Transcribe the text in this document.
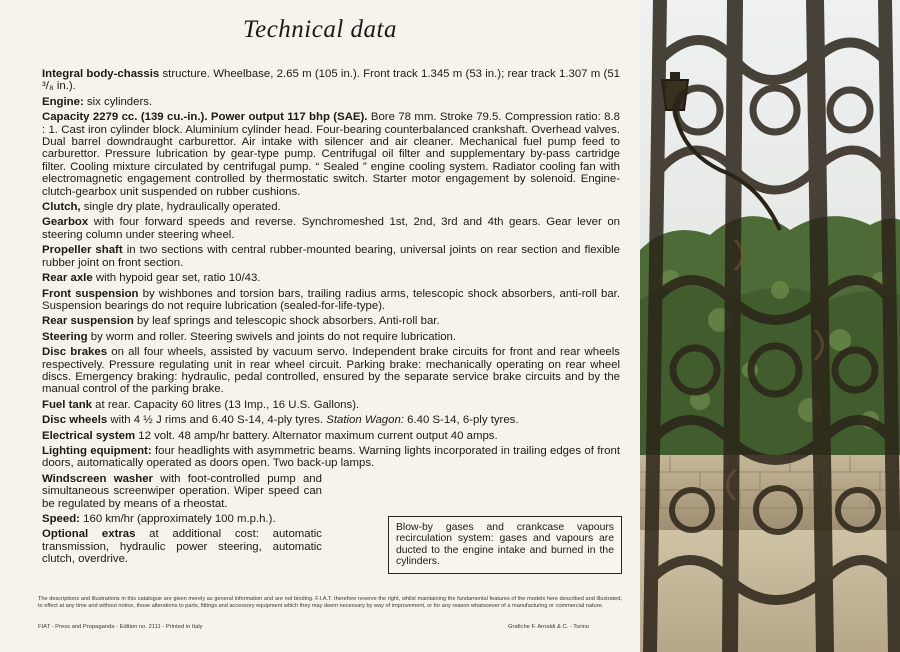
Technical data

Integral body-chassis structure. Wheelbase, 2.65 m (105 in.). Front track 1.345 m (53 in.); rear track 1.307 m (51 ³/₈ in.).

Engine: six cylinders.

Capacity 2279 cc. (139 cu.-in.). Power output 117 bhp (SAE). Bore 78 mm. Stroke 79.5. Compression ratio: 8.8 : 1. Cast iron cylinder block. Aluminium cylinder head. Four-bearing counterbalanced crankshaft. Overhead valves. Dual barrel downdraught carburettor. Air intake with silencer and air cleaner. Mechanical fuel pump feed to carburettor. Pressure lubrication by gear-type pump. Centrifugal oil filter and supplementary by-pass cartridge filter. Cooling mixture circulated by centrifugal pump. “ Sealed ” engine cooling system. Radiator cooling fan with electromagnetic engagement controlled by thermostatic switch. Starter motor engagement by solenoid. Engine-clutch-gearbox unit suspended on rubber cushions.

Clutch, single dry plate, hydraulically operated.

Gearbox with four forward speeds and reverse. Synchromeshed 1st, 2nd, 3rd and 4th gears. Gear lever on steering column under steering wheel.

Propeller shaft in two sections with central rubber-mounted bearing, universal joints on rear section and flexible rubber joint on front section.

Rear axle with hypoid gear set, ratio 10/43.

Front suspension by wishbones and torsion bars, trailing radius arms, telescopic shock absorbers, anti-roll bar. Suspension bearings do not require lubrication (sealed-for-life-type).

Rear suspension by leaf springs and telescopic shock absorbers. Anti-roll bar.

Steering by worm and roller. Steering swivels and joints do not require lubrication.

Disc brakes on all four wheels, assisted by vacuum servo. Independent brake circuits for front and rear wheels respectively. Pressure regulating unit in rear wheel circuit. Parking brake: mechanically operating on rear wheel discs. Emergency braking: hydraulic, pedal controlled, ensured by the separate service brake circuits and by the manual control of the parking brake.

Fuel tank at rear. Capacity 60 litres (13 Imp., 16 U.S. Gallons).

Disc wheels with 4 ½ J rims and 6.40 S-14, 4-ply tyres. Station Wagon: 6.40 S-14, 6-ply tyres.

Electrical system 12 volt. 48 amp/hr battery. Alternator maximum current output 40 amps.

Lighting equipment: four headlights with asymmetric beams. Warning lights incorporated in trailing edges of front doors, automatically operated as doors open. Two back-up lamps.

Windscreen washer with foot-controlled pump and simultaneous screenwiper operation. Wiper speed can be regulated by means of a rheostat.

Speed: 160 km/hr (approximately 100 m.p.h.).

Optional extras at additional cost: automatic transmission, hydraulic power steering, automatic clutch, overdrive.

Blow-by gases and crankcase vapours recirculation system: gases and vapours are ducted to the engine intake and burned in the cylinders.
The descriptions and illustrations in this catalogue are given merely as general information and are not binding. F.I.A.T. therefore reserve the right, whilst maintaining the fundamental features of the models here described and illustrated, to effect at any time and without notice, those alterations to parts, fittings and accessory equipment which they may deem necessary by way of improvement, or for any reason whatsoever of a manufacturing or commercial nature.
FIAT - Press and Propaganda - Edition no. 2111 - Printed in Italy	Grafiche F. Arnaldi & C. - Torino
